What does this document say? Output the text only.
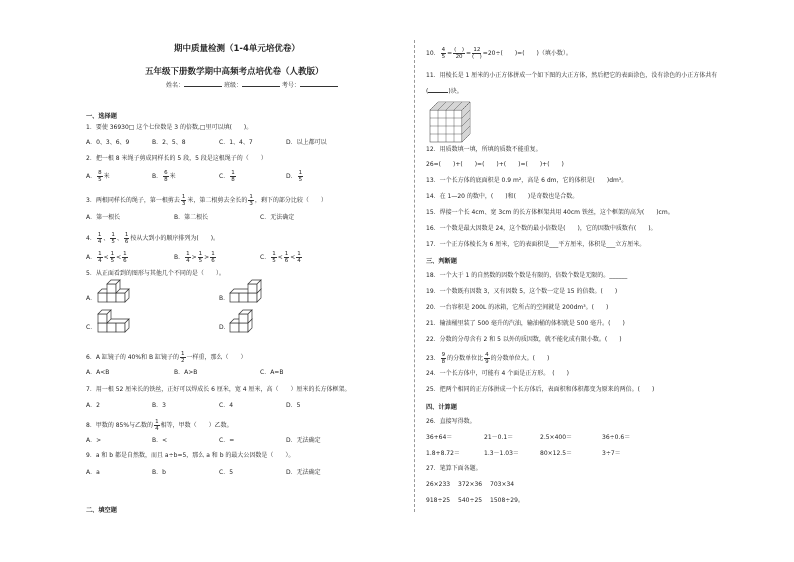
期中质量检测（1-4单元培优卷）
五年级下册数学期中高频考点培优卷（人教版）
姓名：	班级：	考号：
一、选择题
1．要使 36930□ 这个七位数是 3 的倍数,□里可以填(　　)。
A．0、3、6、9	B．2、5、8	C．1、4、7	D．以上都可以
2．把一根 8 米绳子剪成同样长的 5 段，5 段是这根绳子的（　　）
A． $\frac{8}{5}$ 米	B． $\frac{6}{8}$ 米	C． $\frac{1}{8}$	D． $\frac{1}{5}$
3．两根同样长的绳子，第一根剪去 $\frac{1}{3}$ 米，第二根剪去全长的 $\frac{1}{3}$ ，剩下的部分比较（　　）
A．第一根长	B．第二根长	C．无法确定
4． $\frac{1}{4}$ 、 $\frac{1}{5}$ 、 $\frac{1}{6}$ 按从大到小的顺序排列为(　　)。
A． $\frac{1}{4} < \frac{1}{5} < \frac{1}{6}$	B． $\frac{1}{4} > \frac{1}{5} > \frac{1}{6}$	C． $\frac{1}{5} < \frac{1}{6} < \frac{1}{4}$
5．从正面看到的图形与其他几个不同的是（　　）。
A．	B．
C．	D．
6．A 缸镜子的 40%和 B 缸镜子的 $\frac{1}{2}$ 一样重，那么（　　）
A．A<B	B．A>B	C．A=B
7．用一根 52 厘米长的铁丝，正好可以焊成长 6 厘米，宽 4 厘米，高（　　）厘米的长方体框架。
A．2	B．3	C．4	D．5
8．甲数的 85%与乙数的 $\frac{1}{4}$ 相等，甲数（　　）乙数。
A．>	B．<	C．=	D．无法确定
9．a 和 b 都是自然数，而且 a÷b=5，那么 a 和 b 的最大公因数是（　　）。
A．a	B．b	C．5	D．无法确定
二、填空题
10． $\frac{4}{5} = \frac{( )}{20} = \frac{12}{( )} =20\div$(　　)=(　　)（填小数）。
11．用棱长是 1 厘米的小正方体拼成一个如下图的大正方体，然后把它的表面涂色，没有涂色的小正方体共有
(	)块。
12．用质数填一填，所填的质数不能重复。
26=(　　)+(　　)=(　　)+(　　)=(　　)+(　　)
13．一个长方体的底面积是 0.9 m²，高是 6 dm，它的体积是(　　)dm³。
14．在 1—20 的数中，(　　)和(　　)是奇数也是合数。
15．焊接一个长 4cm、宽 3cm 的长方体框架共用 40cm 铁丝，这个框架的高为(　　)cm。
16．一个数是最大因数是 24，这个数的最小倍数是(　　)，它的因数中质数有(　　)。
17．一个正方体棱长为 6 厘米，它的表面积是___平方厘米，体积是___立方厘米。
三、判断题
18．一个大于 1 的自然数的因数个数是有限的，倍数个数是无限的。______
19．一个数既有因数 3，又有因数 5，这个数一定是 15 的倍数。(　　)
20．一台容积是 200L 的冰箱，它所占的空间就是 200dm³。(　　)
21．输油桶里装了 500 毫升的汽油，输油桶的体积就是 500 毫升。(　　)
22．分数的分母含有 2 和 5 以外的质因数，就不能化成有限小数。(　　)
23． $\frac{9}{8}$ 的分数单位比 $\frac{4}{9}$ 的分数单位大。(　　)
24．一个长方体中，可能有 4 个面是正方形。　(　　)
25．把两个相同的正方体拼成一个长方体后，表面积和体积都变为原来的两倍。(　　)
四、计算题
26．直接写得数。
36+64＝	21－0.1＝	2.5×400＝	36÷0.6＝
1.8+8.72＝	1.3－1.03＝	80×12.5＝	3÷7＝
27．笔算下面各题。
26×233 372×36 703×34
918÷25 540÷25 1508÷29。
